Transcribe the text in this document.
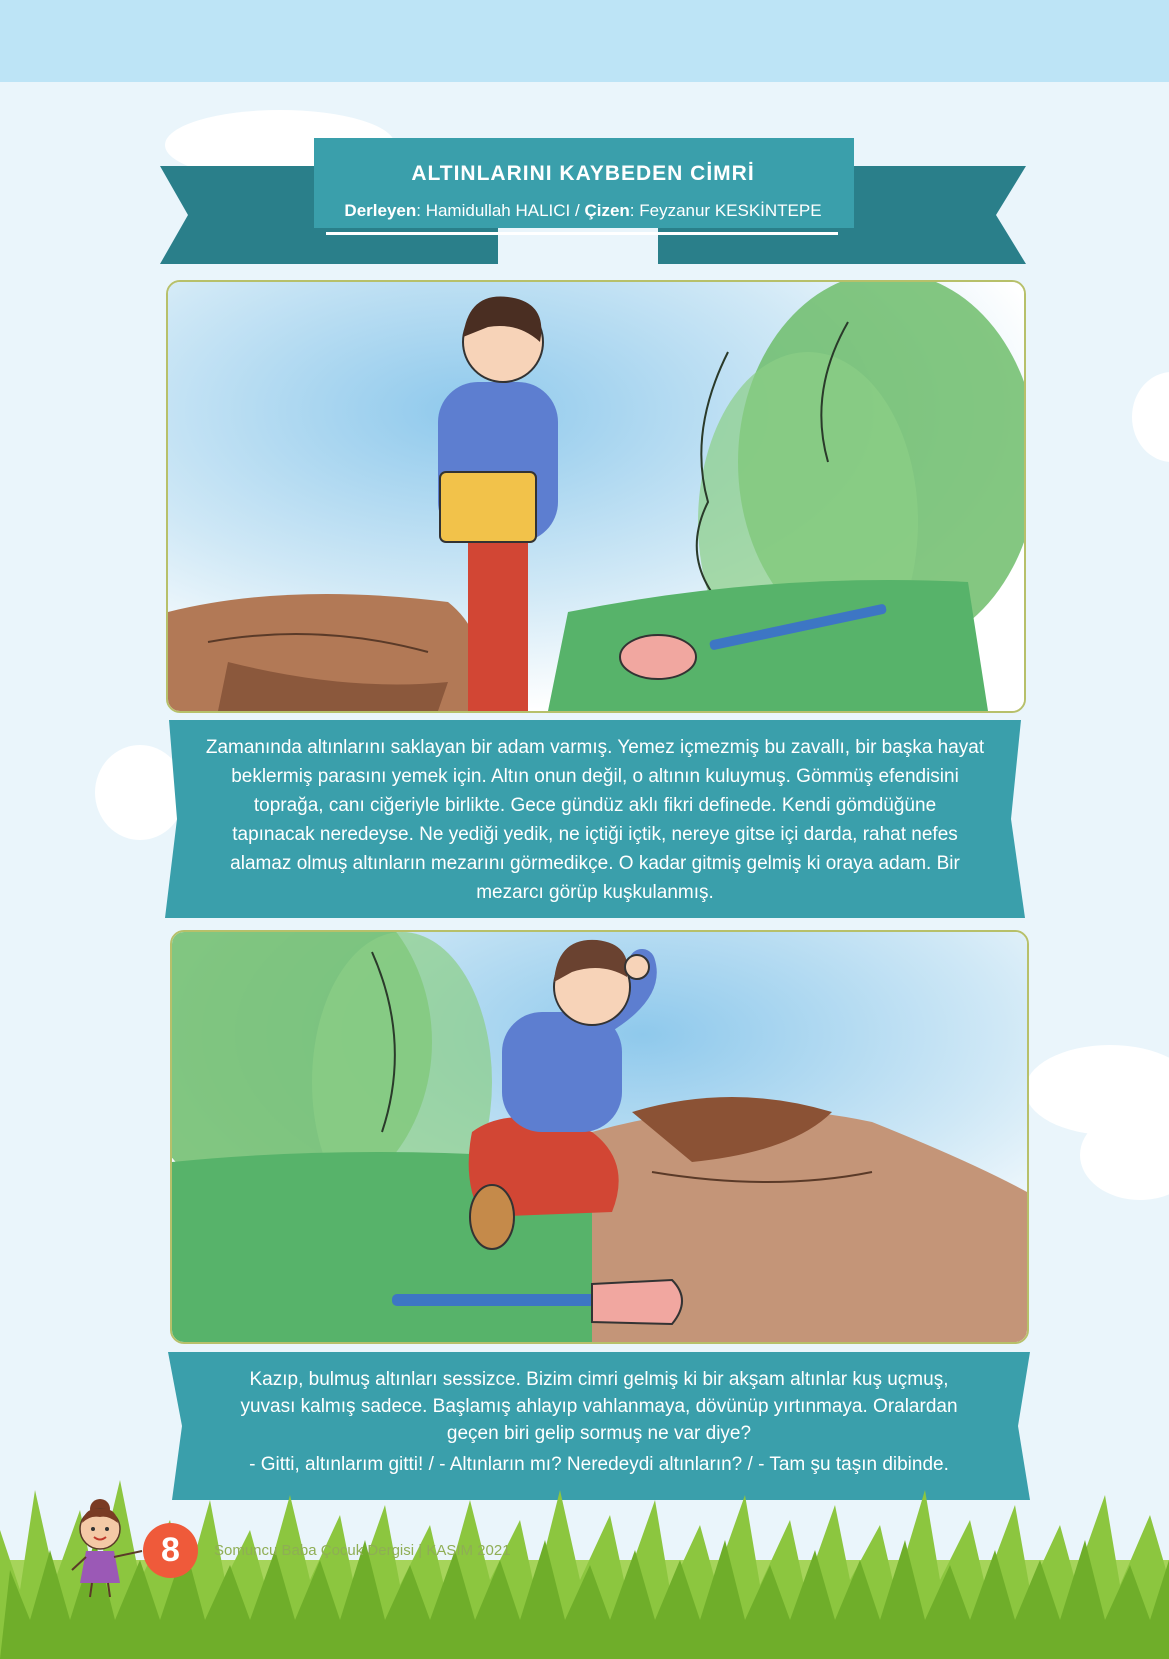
ALTINLARINI KAYBEDEN CİMRİ
Derleyen: Hamidullah HALICI / Çizen: Feyzanur KESKİNTEPE
Zamanında altınlarını saklayan bir adam varmış. Yemez içmezmiş bu zavallı, bir başka hayat
beklermiş parasını yemek için. Altın onun değil, o altının kuluymuş. Gömmüş efendisini
toprağa, canı ciğeriyle birlikte. Gece gündüz aklı fikri definede. Kendi gömdüğüne
tapınacak neredeyse. Ne yediği yedik, ne içtiği içtik, nereye gitse içi darda, rahat nefes
alamaz olmuş altınların mezarını görmedikçe. O kadar gitmiş gelmiş ki oraya adam. Bir
mezarcı görüp kuşkulanmış.
Kazıp, bulmuş altınları sessizce. Bizim cimri gelmiş ki bir akşam altınlar kuş uçmuş,
yuvası kalmış sadece. Başlamış ahlayıp vahlanmaya, dövünüp yırtınmaya. Oralardan
geçen biri gelip sormuş ne var diye?
- Gitti, altınlarım gitti! / - Altınların mı? Neredeydi altınların? / - Tam şu taşın dibinde.
8	Somuncu Baba Çocuk Dergisi | KASIM 2021
